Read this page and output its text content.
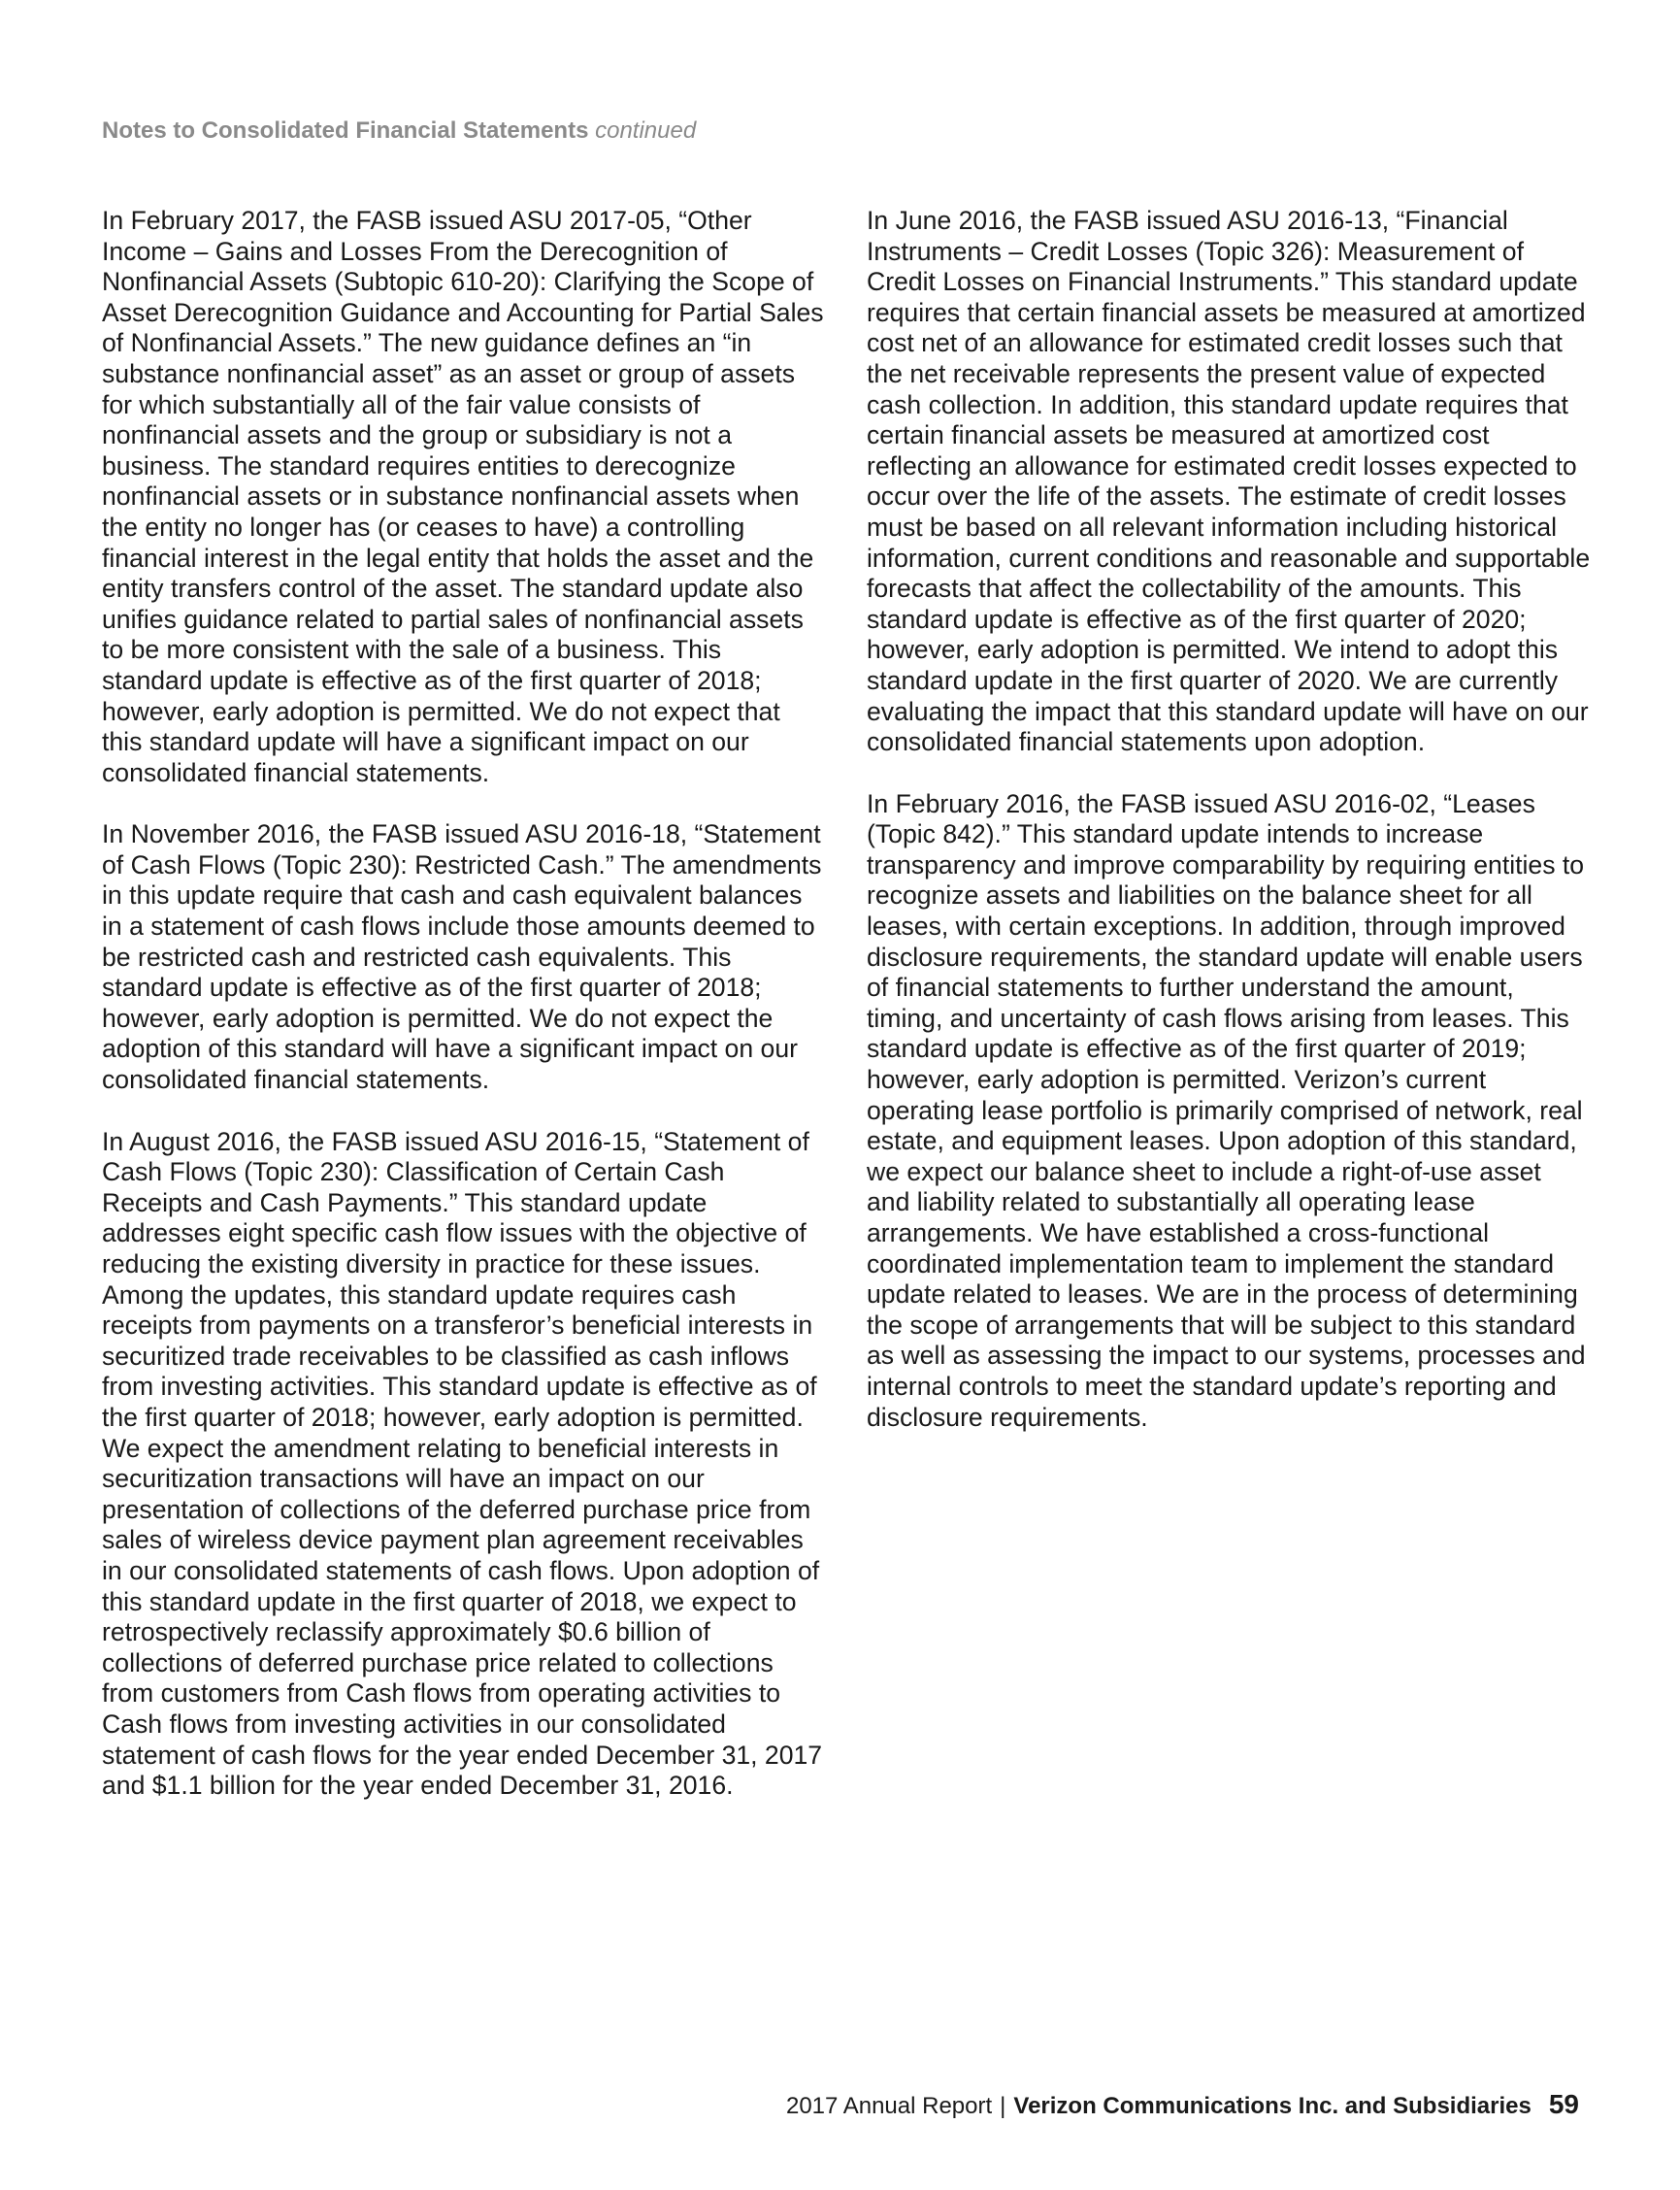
Notes to Consolidated Financial Statements continued

In February 2017, the FASB issued ASU 2017-05, “Other Income – Gains and Losses From the Derecognition of Nonfinancial Assets (Subtopic 610-20): Clarifying the Scope of Asset Derecognition Guidance and Accounting for Partial Sales of Nonfinancial Assets.” The new guidance defines an “in substance nonfinancial asset” as an asset or group of assets for which substantially all of the fair value consists of nonfinancial assets and the group or subsidiary is not a business. The standard requires entities to derecognize nonfinancial assets or in substance nonfinancial assets when the entity no longer has (or ceases to have) a controlling financial interest in the legal entity that holds the asset and the entity transfers control of the asset. The standard update also unifies guidance related to partial sales of nonfinancial assets to be more consistent with the sale of a business. This standard update is effective as of the first quarter of 2018; however, early adoption is permitted. We do not expect that this standard update will have a significant impact on our consolidated financial statements.

In November 2016, the FASB issued ASU 2016-18, “Statement of Cash Flows (Topic 230): Restricted Cash.” The amendments in this update require that cash and cash equivalent balances in a statement of cash flows include those amounts deemed to be restricted cash and restricted cash equivalents. This standard update is effective as of the first quarter of 2018; however, early adoption is permitted. We do not expect the adoption of this standard will have a significant impact on our consolidated financial statements.

In August 2016, the FASB issued ASU 2016-15, “Statement of Cash Flows (Topic 230): Classification of Certain Cash Receipts and Cash Payments.” This standard update addresses eight specific cash flow issues with the objective of reducing the existing diversity in practice for these issues. Among the updates, this standard update requires cash receipts from payments on a transferor’s beneficial interests in securitized trade receivables to be classified as cash inflows from investing activities. This standard update is effective as of the first quarter of 2018; however, early adoption is permitted. We expect the amendment relating to beneficial interests in securitization transactions will have an impact on our presentation of collections of the deferred purchase price from sales of wireless device payment plan agreement receivables in our consolidated statements of cash flows. Upon adoption of this standard update in the first quarter of 2018, we expect to retrospectively reclassify approximately $0.6 billion of collections of deferred purchase price related to collections from customers from Cash flows from operating activities to Cash flows from investing activities in our consolidated statement of cash flows for the year ended December 31, 2017 and $1.1 billion for the year ended December 31, 2016.

In June 2016, the FASB issued ASU 2016-13, “Financial Instruments – Credit Losses (Topic 326): Measurement of Credit Losses on Financial Instruments.” This standard update requires that certain financial assets be measured at amortized cost net of an allowance for estimated credit losses such that the net receivable represents the present value of expected cash collection. In addition, this standard update requires that certain financial assets be measured at amortized cost reflecting an allowance for estimated credit losses expected to occur over the life of the assets. The estimate of credit losses must be based on all relevant information including historical information, current conditions and reasonable and supportable forecasts that affect the collectability of the amounts. This standard update is effective as of the first quarter of 2020; however, early adoption is permitted. We intend to adopt this standard update in the first quarter of 2020. We are currently evaluating the impact that this standard update will have on our consolidated financial statements upon adoption.

In February 2016, the FASB issued ASU 2016-02, “Leases (Topic 842).” This standard update intends to increase transparency and improve comparability by requiring entities to recognize assets and liabilities on the balance sheet for all leases, with certain exceptions. In addition, through improved disclosure requirements, the standard update will enable users of financial statements to further understand the amount, timing, and uncertainty of cash flows arising from leases. This standard update is effective as of the first quarter of 2019; however, early adoption is permitted. Verizon’s current operating lease portfolio is primarily comprised of network, real estate, and equipment leases. Upon adoption of this standard, we expect our balance sheet to include a right-of-use asset and liability related to substantially all operating lease arrangements. We have established a cross-functional coordinated implementation team to implement the standard update related to leases. We are in the process of determining the scope of arrangements that will be subject to this standard as well as assessing the impact to our systems, processes and internal controls to meet the standard update’s reporting and disclosure requirements.

2017 Annual Report | Verizon Communications Inc. and Subsidiaries 59
